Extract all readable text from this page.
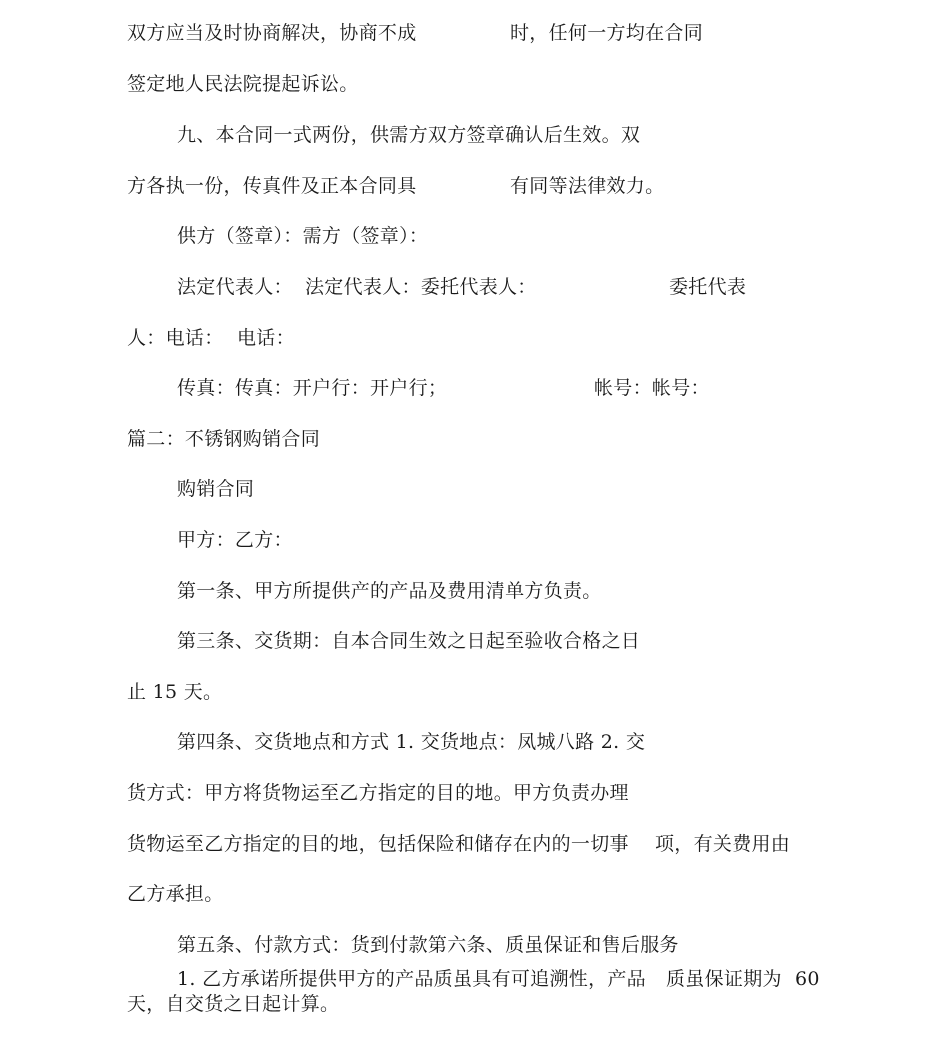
双方应当及时协商解决，协商不成	时，任何一方均在合同
签定地人民法院提起诉讼。
九、本合同一式两份，供需方双方签章确认后生效。双
方各执一份，传真件及正本合同具	有同等法律效力。
供方（签章）：需方（签章）：
法定代表人： 法定代表人：委托代表人：	委托代表
人：电话： 电话：
传真：传真：开户行：开户行；	帐号：帐号：
篇二：不锈钢购销合同
购销合同
甲方：乙方：
第一条、甲方所提供产的产品及费用清单方负责。
第三条、交货期：自本合同生效之日起至验收合格之日
止 15 天。
第四条、交货地点和方式 1. 交货地点：凤城八路 2. 交
货方式：甲方将货物运至乙方指定的目的地。甲方负责办理
货物运至乙方指定的目的地，包括保险和储存在内的一切事 项，有关费用由
乙方承担。
第五条、付款方式：货到付款第六条、质虽保证和售后服务
1. 乙方承诺所提供甲方的产品质虽具有可追溯性，产品 质虽保证期为 60
天，自交货之日起计算。
